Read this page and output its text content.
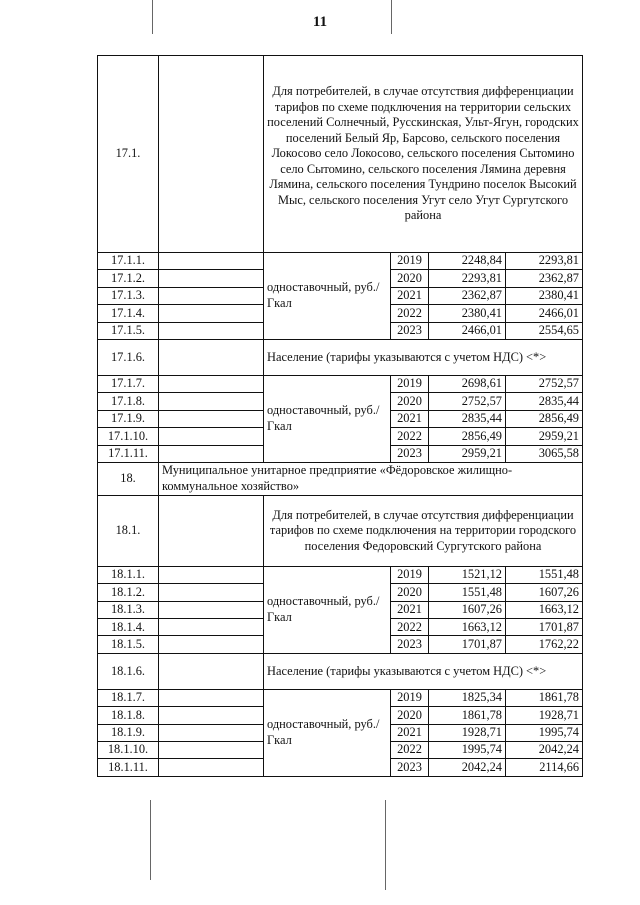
11
17.1.		Для потребителей, в случае отсутствия дифференциации тарифов по схеме подключения на территории сельских поселений Солнечный, Русскинская, Ульт-Ягун, городских поселений Белый Яр, Барсово, сельского поселения Локосово село Локосово, сельского поселения Сытомино село Сытомино, сельского поселения Лямина деревня Лямина, сельского поселения Тундрино поселок Высокий Мыс, сельского поселения Угут село Угут Сургутского района			
17.1.1.		одноставочный, руб./Гкал	2019	2248,84	2293,81
17.1.2.			2020	2293,81	2362,87
17.1.3.			2021	2362,87	2380,41
17.1.4.			2022	2380,41	2466,01
17.1.5.			2023	2466,01	2554,65
17.1.6.		Население (тарифы указываются с учетом НДС) <*>			
17.1.7.		одноставочный, руб./Гкал	2019	2698,61	2752,57
17.1.8.			2020	2752,57	2835,44
17.1.9.			2021	2835,44	2856,49
17.1.10.			2022	2856,49	2959,21
17.1.11.			2023	2959,21	3065,58
18.	Муниципальное унитарное предприятие «Фёдоровское жилищно-коммунальное хозяйство»				
18.1.		Для потребителей, в случае отсутствия дифференциации тарифов по схеме подключения на территории городского поселения Федоровский Сургутского района			
18.1.1.		одноставочный, руб./Гкал	2019	1521,12	1551,48
18.1.2.			2020	1551,48	1607,26
18.1.3.			2021	1607,26	1663,12
18.1.4.			2022	1663,12	1701,87
18.1.5.			2023	1701,87	1762,22
18.1.6.		Население (тарифы указываются с учетом НДС) <*>			
18.1.7.		одноставочный, руб./Гкал	2019	1825,34	1861,78
18.1.8.			2020	1861,78	1928,71
18.1.9.			2021	1928,71	1995,74
18.1.10.			2022	1995,74	2042,24
18.1.11.			2023	2042,24	2114,66
